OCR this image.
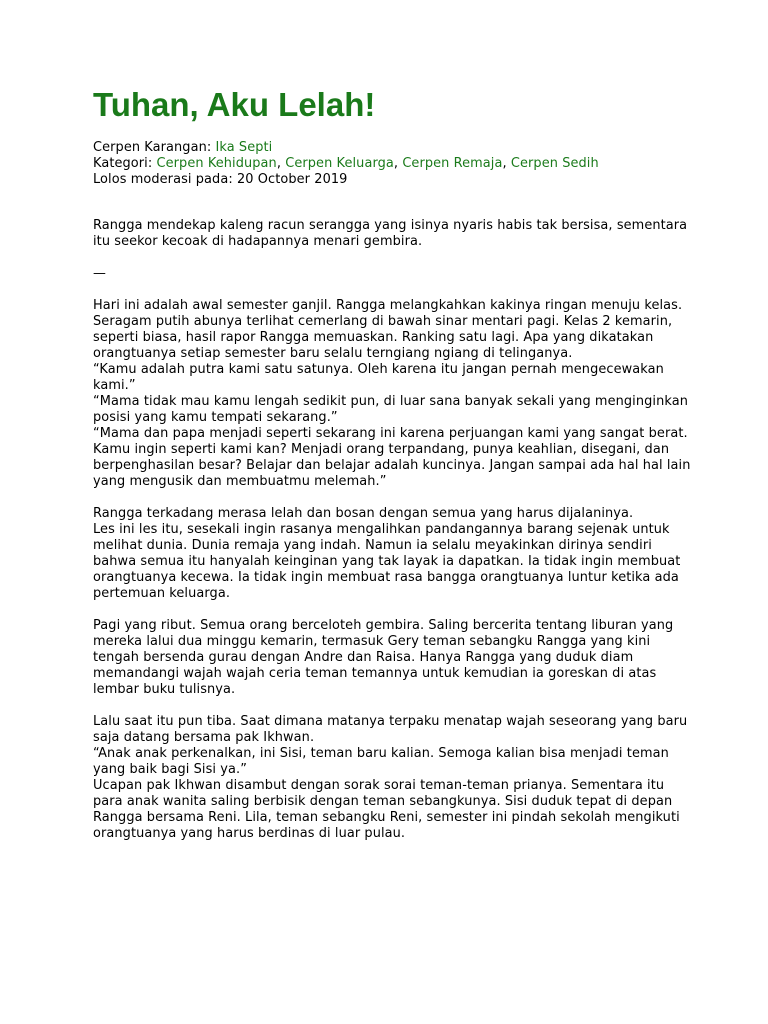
Tuhan, Aku Lelah!
Cerpen Karangan: Ika Septi
Kategori: Cerpen Kehidupan, Cerpen Keluarga, Cerpen Remaja, Cerpen Sedih
Lolos moderasi pada: 20 October 2019

Rangga mendekap kaleng racun serangga yang isinya nyaris habis tak bersisa, sementara itu seekor kecoak di hadapannya menari gembira.

—

Hari ini adalah awal semester ganjil. Rangga melangkahkan kakinya ringan menuju kelas. Seragam putih abunya terlihat cemerlang di bawah sinar mentari pagi. Kelas 2 kemarin, seperti biasa, hasil rapor Rangga memuaskan. Ranking satu lagi. Apa yang dikatakan orangtuanya setiap semester baru selalu terngiang ngiang di telinganya.
“Kamu adalah putra kami satu satunya. Oleh karena itu jangan pernah mengecewakan kami.”
“Mama tidak mau kamu lengah sedikit pun, di luar sana banyak sekali yang menginginkan posisi yang kamu tempati sekarang.”
“Mama dan papa menjadi seperti sekarang ini karena perjuangan kami yang sangat berat. Kamu ingin seperti kami kan? Menjadi orang terpandang, punya keahlian, disegani, dan berpenghasilan besar? Belajar dan belajar adalah kuncinya. Jangan sampai ada hal hal lain yang mengusik dan membuatmu melemah.”

Rangga terkadang merasa lelah dan bosan dengan semua yang harus dijalaninya.
Les ini les itu, sesekali ingin rasanya mengalihkan pandangannya barang sejenak untuk melihat dunia. Dunia remaja yang indah. Namun ia selalu meyakinkan dirinya sendiri bahwa semua itu hanyalah keinginan yang tak layak ia dapatkan. Ia tidak ingin membuat orangtuanya kecewa. Ia tidak ingin membuat rasa bangga orangtuanya luntur ketika ada pertemuan keluarga.

Pagi yang ribut. Semua orang berceloteh gembira. Saling bercerita tentang liburan yang mereka lalui dua minggu kemarin, termasuk Gery teman sebangku Rangga yang kini tengah bersenda gurau dengan Andre dan Raisa. Hanya Rangga yang duduk diam memandangi wajah wajah ceria teman temannya untuk kemudian ia goreskan di atas lembar buku tulisnya.

Lalu saat itu pun tiba. Saat dimana matanya terpaku menatap wajah seseorang yang baru saja datang bersama pak Ikhwan.
“Anak anak perkenalkan, ini Sisi, teman baru kalian. Semoga kalian bisa menjadi teman yang baik bagi Sisi ya.”
Ucapan pak Ikhwan disambut dengan sorak sorai teman-teman prianya. Sementara itu para anak wanita saling berbisik dengan teman sebangkunya. Sisi duduk tepat di depan Rangga bersama Reni. Lila, teman sebangku Reni, semester ini pindah sekolah mengikuti orangtuanya yang harus berdinas di luar pulau.
